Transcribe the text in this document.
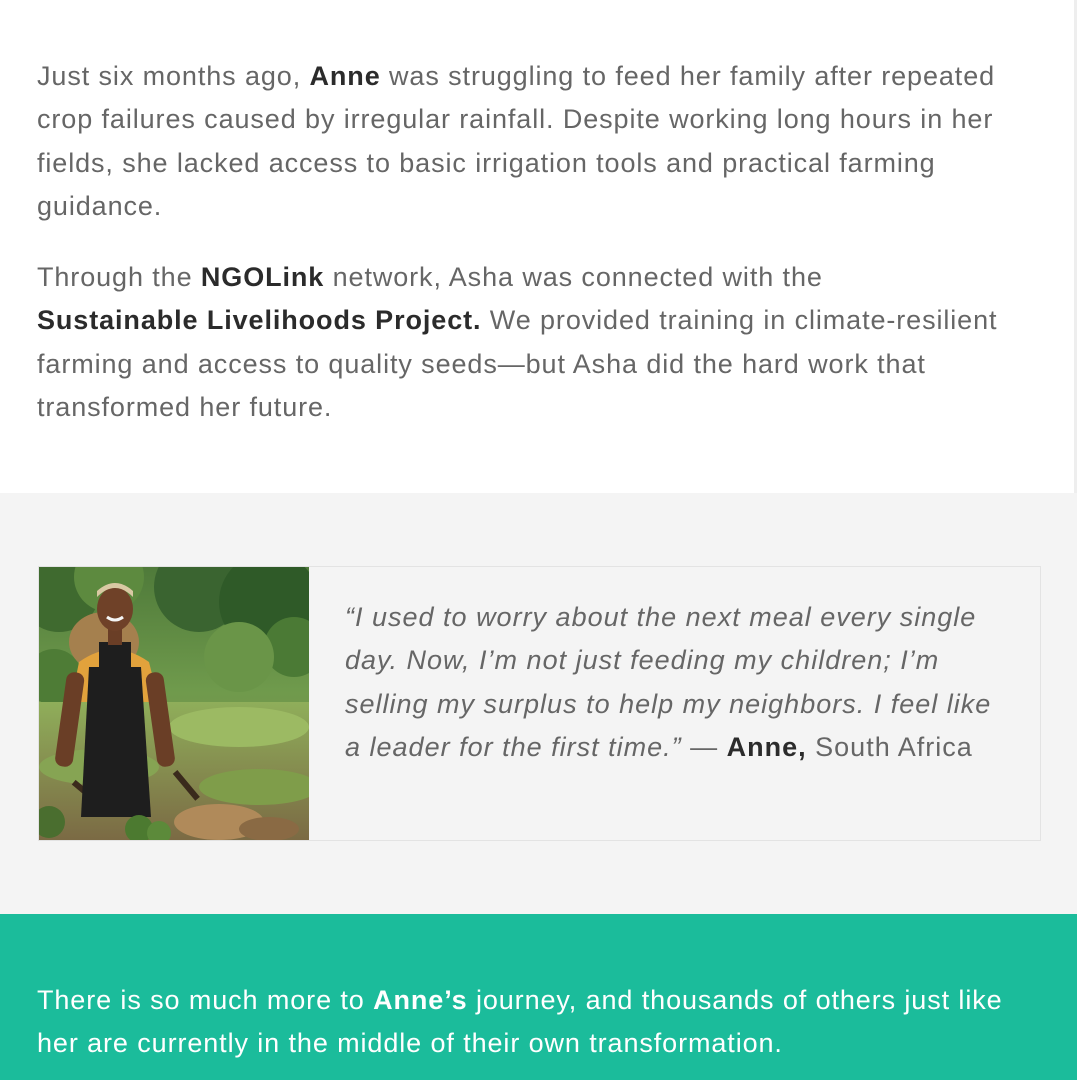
Just six months ago, Anne was struggling to feed her family after repeated crop failures caused by irregular rainfall. Despite working long hours in her fields, she lacked access to basic irrigation tools and practical farming guidance.

Through the NGOLink network, Asha was connected with the
Sustainable Livelihoods Project. We provided training in climate-resilient farming and access to quality seeds—but Asha did the hard work that transformed her future.

“I used to worry about the next meal every single day. Now, I’m not just feeding my children; I’m selling my surplus to help my neighbors. I feel like a leader for the first time.” — Anne, South Africa

There is so much more to Anne’s journey, and thousands of others just like her are currently in the middle of their own transformation.
